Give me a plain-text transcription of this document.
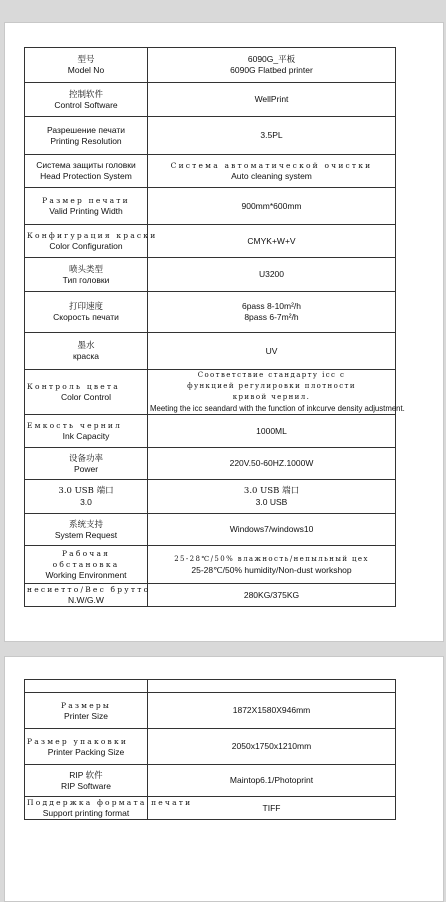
型号
Model No	6090G_平板
6090G Flatbed printer

控制软件
Control Software	WellPrint

Разрешение печати
Printing Resolution	3.5PL

Система защиты головки
Head Protection System	Система автоматической очистки
Auto cleaning system

Размер печати
Valid Printing Width	900mm*600mm

Конфигурация краски
Color Configuration	CMYK+W+V

喷头类型
Тип головки	U3200

打印速度
Скорость печати	6pass 8-10m²/h
8pass 6-7m²/h

墨水
краска	UV

Контроль цвета
Color Control	Соответствие стандарту icc с
функцией регулировки плотности
кривой чернил.
Meeting the icc seandard with the function of inkcurve density adjustment.

Емкость чернил
Ink Capacity	1000ML

设备功率
Power	220V.50-60HZ.1000W

3.0 USB 端口
3.0	3.0 USB 端口
3.0 USB

系统支持
System Request	Windows7/windows10

Рабочая
обстановка
Working Environment	25-28℃/50% влажность/непыльный цех
25-28℃/50% humidity/Non-dust workshop

несиетто/Вес брутто
N.W/G.W	280KG/375KG

Размеры
Printer Size	1872X1580X946mm

Размер упаковки
Printer Packing Size	2050x1750x1210mm

RIP 软件
RIP Software	Maintop6.1/Photoprint

Поддержка формата печати
Support printing format	TIFF
